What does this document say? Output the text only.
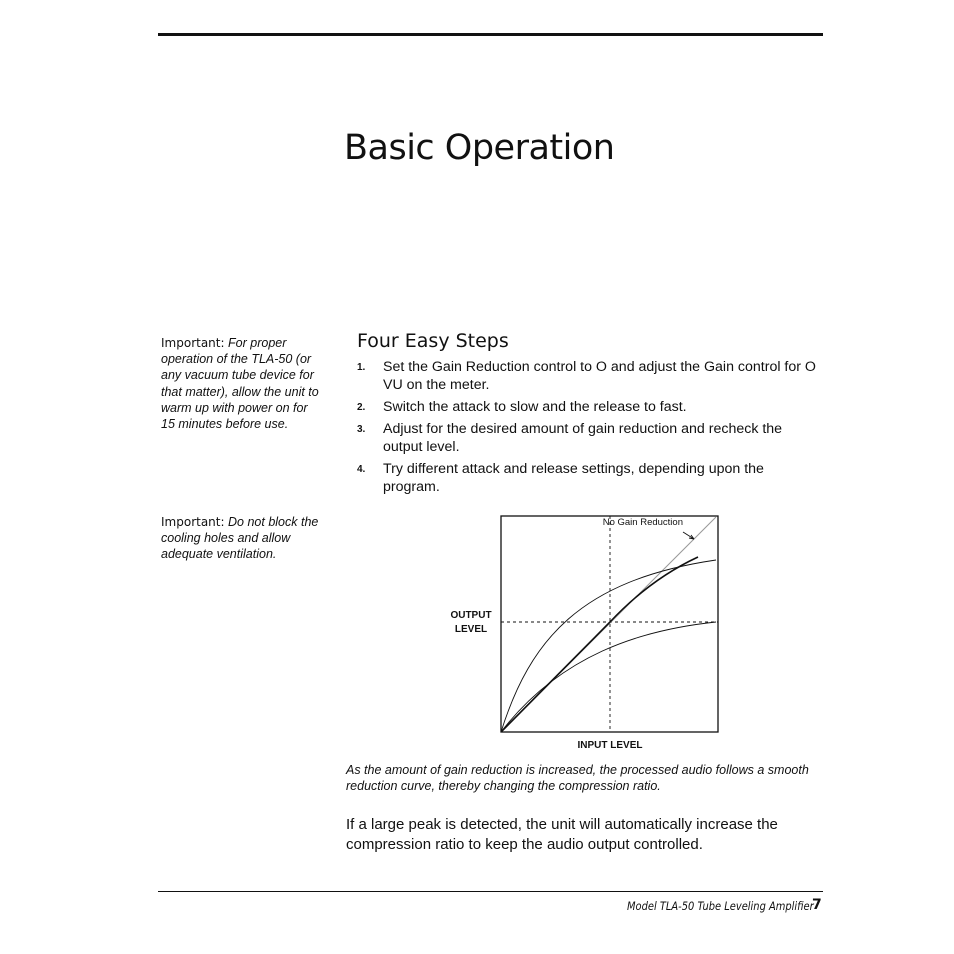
Basic Operation
Important: For proper operation of the TLA-50 (or any vacuum tube device for that matter), allow the unit to warm up with power on for 15 minutes before use.
Important: Do not block the cooling holes and allow adequate ventilation.
Four Easy Steps
1. Set the Gain Reduction control to O and adjust the Gain control for O VU on the meter.
2. Switch the attack to slow and the release to fast.
3. Adjust for the desired amount of gain reduction and recheck the output level.
4. Try different attack and release settings, depending upon the program.
No Gain Reduction
OUTPUT
LEVEL
INPUT LEVEL
As the amount of gain reduction is increased, the processed audio follows a smooth reduction curve, thereby changing the compression ratio.
If a large peak is detected, the unit will automatically increase the compression ratio to keep the audio output controlled.
Model TLA-50 Tube Leveling Amplifier
7
